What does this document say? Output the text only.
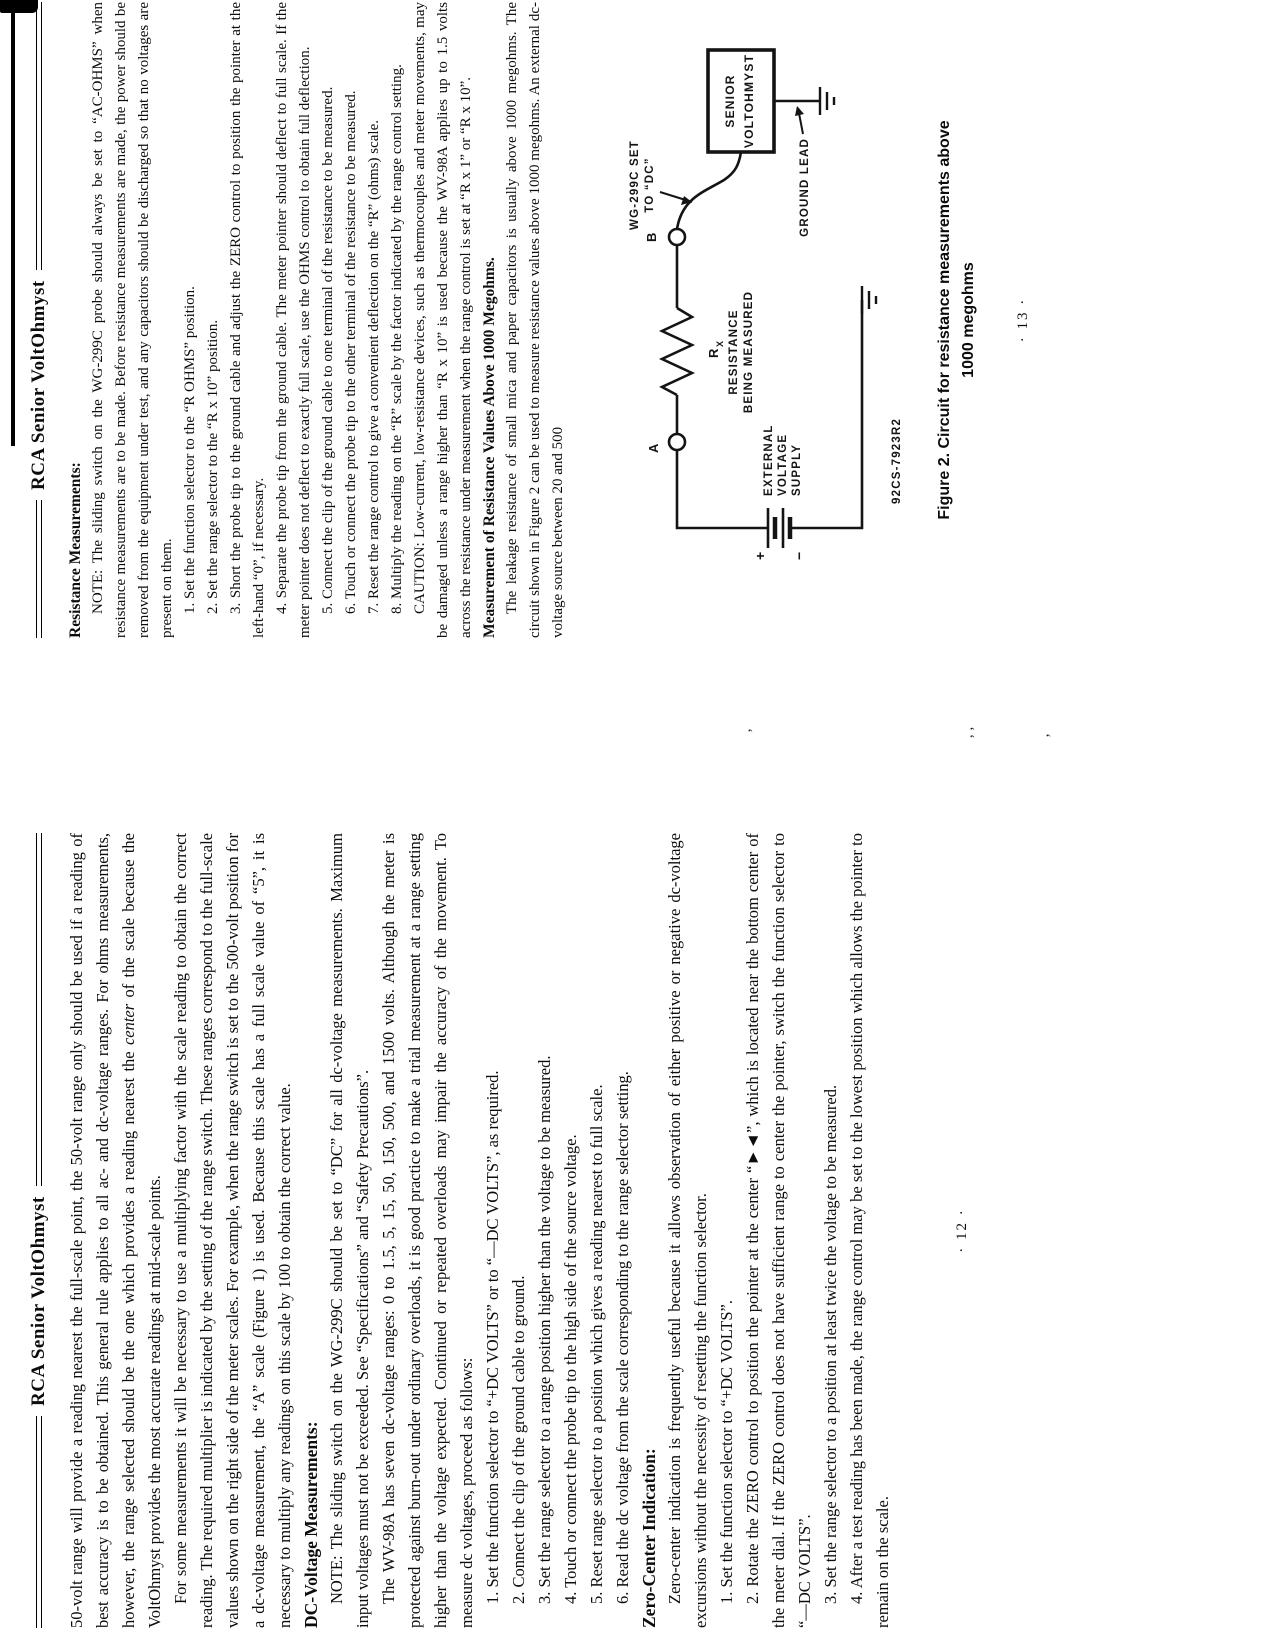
RCA Senior VoltOhmyst 50-volt range will provide a reading nearest the full-scale point, the 50-volt range only should be used if a reading of best accuracy is to be obtained. This general rule applies to all ac- and dc-voltage ranges. For ohms measurements, however, the range selected should be the one which provides a reading nearest the center of the scale because the VoltOhmyst provides the most accurate readings at mid-scale points. For some measurements it will be necessary to use a multiplying factor with the scale reading to obtain the correct reading. The required multiplier is indicated by the setting of the range switch. These ranges correspond to the full-scale values shown on the right side of the meter scales. For example, when the range switch is set to the 500-volt position for a dc-voltage measurement, the “A” scale (Figure 1) is used. Because this scale has a full scale value of “5”, it is necessary to multiply any readings on this scale by 100 to obtain the correct value. DC-Voltage Measurements: NOTE: The sliding switch on the WG-299C should be set to “DC” for all dc-voltage measurements. Maximum input voltages must not be exceeded. See “Specifications” and “Safety Precautions”. The WV-98A has seven dc-voltage ranges: 0 to 1.5, 5, 15, 50, 150, 500, and 1500 volts. Although the meter is protected against burn-out under ordinary overloads, it is good practice to make a trial measurement at a range setting higher than the voltage expected. Continued or repeated overloads may impair the accuracy of the movement. To measure dc voltages, proceed as follows: 1. Set the function selector to “+DC VOLTS” or to “—DC VOLTS”, as required. 2. Connect the clip of the ground cable to ground. 3. Set the range selector to a range position higher than the voltage to be measured. 4. Touch or connect the probe tip to the high side of the source voltage. 5. Reset range selector to a position which gives a reading nearest to full scale. 6. Read the dc voltage from the scale corresponding to the range selector setting. Zero-Center Indication: Zero-center indication is frequently useful because it allows observation of either positive or negative dc-voltage excursions without the necessity of resetting the function selector. 1. Set the function selector to “+DC VOLTS”. 2. Rotate the ZERO control to position the pointer at the center “►◄”, which is located near the bottom center of the meter dial. If the ZERO control does not have sufficient range to center the pointer, switch the function selector to “—DC VOLTS”. 3. Set the range selector to a position at least twice the voltage to be measured. 4. After a test reading has been made, the range control may be set to the lowest position which allows the pointer to remain on the scale.

· 12 ·
RCA Senior VoltOhmyst

Resistance Measurements: NOTE: The sliding switch on the WG-299C probe should always be set to “AC-OHMS” when resistance measurements are to be made. Before resistance measurements are made, the power should be removed from the equipment under test, and any capacitors should be discharged so that no voltages are present on them. 1. Set the function selector to the “R OHMS” position. 2. Set the range selector to the “R x 10” position. 3. Short the probe tip to the ground cable and adjust the ZERO control to position the pointer at the left-hand “0”, if necessary. 4. Separate the probe tip from the ground cable. The meter pointer should deflect to full scale. If the meter pointer does not deflect to exactly full scale, use the OHMS control to obtain full deflection. 5. Connect the clip of the ground cable to one terminal of the resistance to be measured. 6. Touch or connect the probe tip to the other terminal of the resistance to be measured. 7. Reset the range control to give a convenient deflection on the “R” (ohms) scale. 8. Multiply the reading on the “R” scale by the factor indicated by the range control setting. CAUTION: Low-current, low-resistance devices, such as thermocouples and meter movements, may be damaged unless a range higher than “R x 10” is used because the WV-98A applies up to 1.5 volts across the resistance under measurement when the range control is set at “R x 1” or “R x 10”. Measurement of Resistance Values Above 1000 Megohms. The leakage resistance of small mica and paper capacitors is usually above 1000 megohms. The circuit shown in Figure 2 can be used to measure resistance values above 1000 megohms. An external dc-voltage source between 20 and 500	+ −
EXTERNAL VOLTAGE SUPPLY
A
R
X RESISTANCE BEING MEASURED
B
WG-299C SET TO “DC”
SENIOR VOLTOHMYST
GROUND LEAD
92CS-7923R2 Figure 2. Circuit for resistance measurements above 1000 megohms	· 13 ·
’	’ ’	’
